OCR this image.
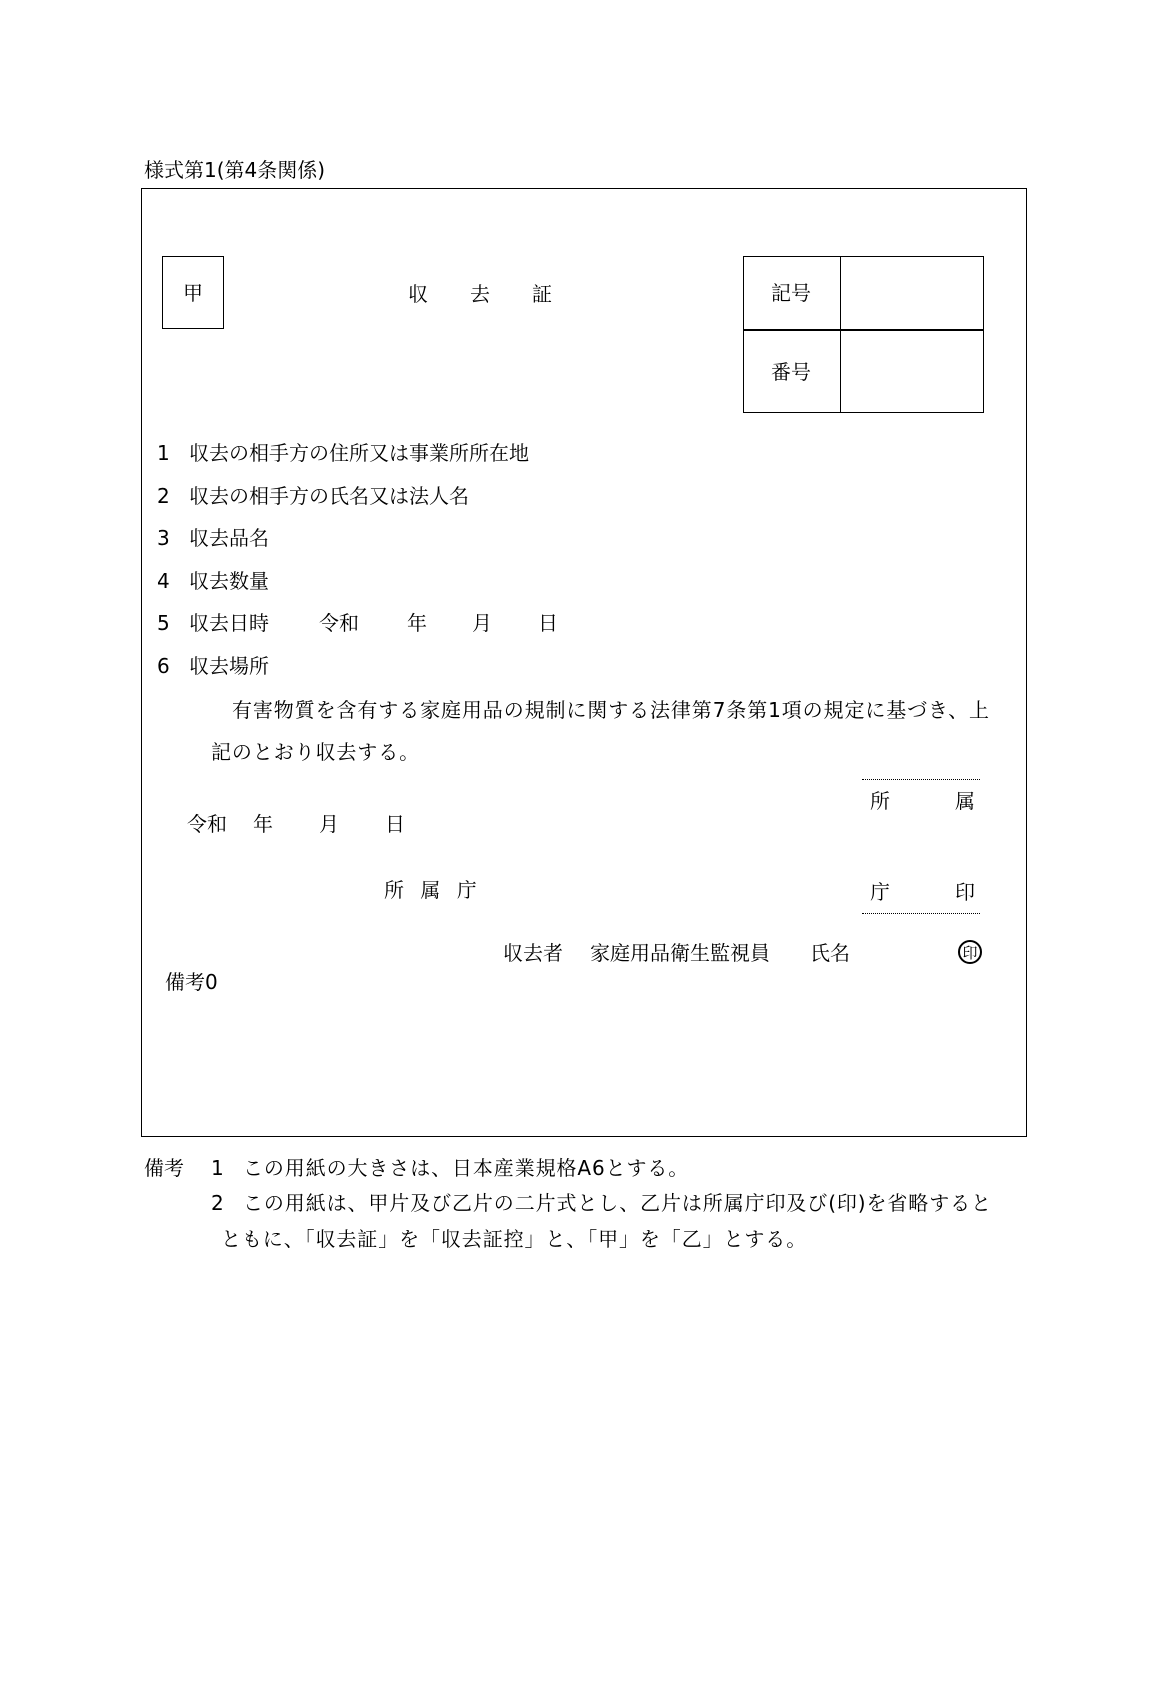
様式第1(第4条関係)
甲	収去証	記号
番号
1 収去の相手方の住所又は事業所所在地
2 収去の相手方の氏名又は法人名
3 収去品名
4 収去数量
5 収去日時	令和 年 月 日
6 収去場所
有害物質を含有する家庭用品の規制に関する法律第7条第1項の規定に基づき、上
記のとおり収去する。
所	属
庁	印
令和 年 月 日
所 属 庁
収去者 家庭用品衛生監視員 氏名	印
備考0
備考 1 この用紙の大きさは、日本産業規格A6とする。
2 この用紙は、甲片及び乙片の二片式とし、乙片は所属庁印及び(印)を省略すると
ともに、「収去証」を「収去証控」と、「甲」を「乙」とする。
